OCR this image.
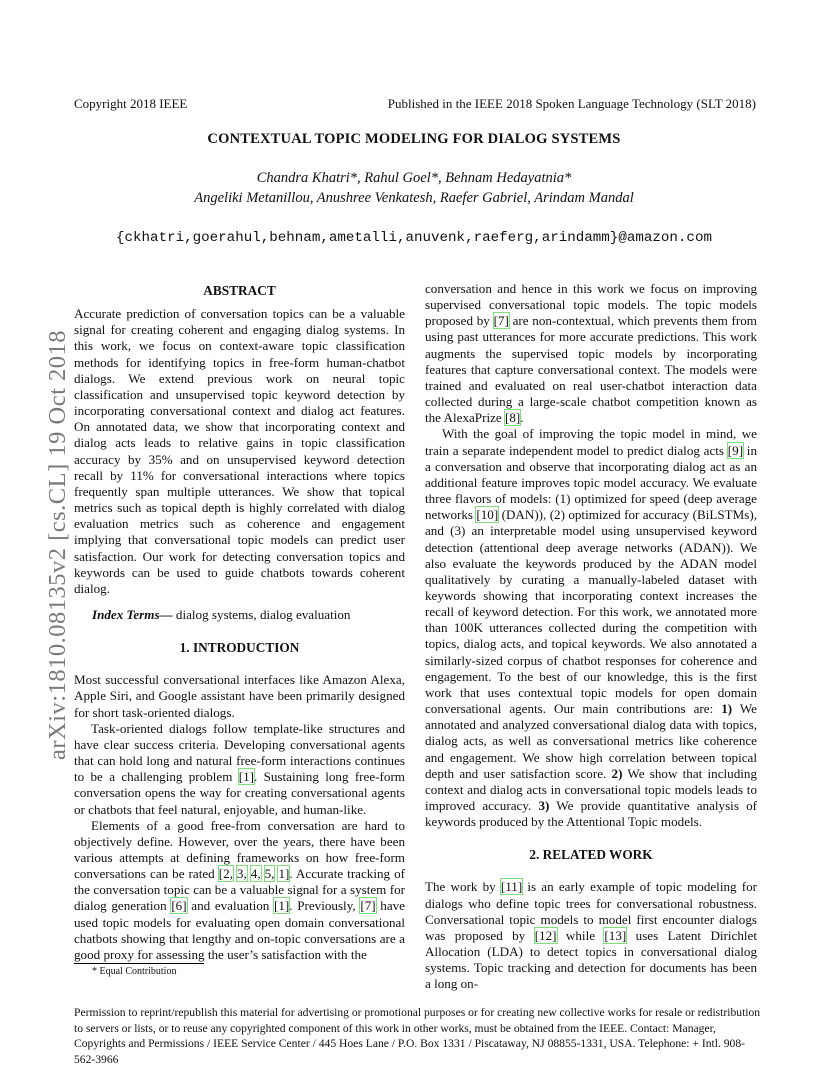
Copyright 2018 IEEE	Published in the IEEE 2018 Spoken Language Technology (SLT 2018)
CONTEXTUAL TOPIC MODELING FOR DIALOG SYSTEMS
Chandra Khatri*, Rahul Goel*, Behnam Hedayatnia*
Angeliki Metanillou, Anushree Venkatesh, Raefer Gabriel, Arindam Mandal
{ckhatri,goerahul,behnam,ametalli,anuvenk,raeferg,arindamm}@amazon.com
arXiv:1810.08135v2 [cs.CL] 19 Oct 2018
ABSTRACT

Accurate prediction of conversation topics can be a valuable signal for creating coherent and engaging dialog systems. In this work, we focus on context-aware topic classification methods for identifying topics in free-form human-chatbot dialogs. We extend previous work on neural topic classification and unsupervised topic keyword detection by incorporating conversational context and dialog act features. On annotated data, we show that incorporating context and dialog acts leads to relative gains in topic classification accuracy by 35% and on unsupervised keyword detection recall by 11% for conversational interactions where topics frequently span multiple utterances. We show that topical metrics such as topical depth is highly correlated with dialog evaluation metrics such as coherence and engagement implying that conversational topic models can predict user satisfaction. Our work for detecting conversation topics and keywords can be used to guide chatbots towards coherent dialog.

Index Terms— dialog systems, dialog evaluation
1. INTRODUCTION

Most successful conversational interfaces like Amazon Alexa, Apple Siri, and Google assistant have been primarily designed for short task-oriented dialogs.

Task-oriented dialogs follow template-like structures and have clear success criteria. Developing conversational agents that can hold long and natural free-form interactions continues to be a challenging problem [1]. Sustaining long free-form conversation opens the way for creating conversational agents or chatbots that feel natural, enjoyable, and human-like.

Elements of a good free-from conversation are hard to objectively define. However, over the years, there have been various attempts at defining frameworks on how free-form conversations can be rated [2, 3, 4, 5, 1]. Accurate tracking of the conversation topic can be a valuable signal for a system for dialog generation [6] and evaluation [1]. Previously, [7] have used topic models for evaluating open domain conversational chatbots showing that lengthy and on-topic conversations are a good proxy for assessing the user’s satisfaction with the

* Equal Contribution

conversation and hence in this work we focus on improving supervised conversational topic models. The topic models proposed by [7] are non-contextual, which prevents them from using past utterances for more accurate predictions. This work augments the supervised topic models by incorporating features that capture conversational context. The models were trained and evaluated on real user-chatbot interaction data collected during a large-scale chatbot competition known as the AlexaPrize [8].

With the goal of improving the topic model in mind, we train a separate independent model to predict dialog acts [9] in a conversation and observe that incorporating dialog act as an additional feature improves topic model accuracy. We evaluate three flavors of models: (1) optimized for speed (deep average networks [10] (DAN)), (2) optimized for accuracy (BiLSTMs), and (3) an interpretable model using unsupervised keyword detection (attentional deep average networks (ADAN)). We also evaluate the keywords produced by the ADAN model qualitatively by curating a manually-labeled dataset with keywords showing that incorporating context increases the recall of keyword detection. For this work, we annotated more than 100K utterances collected during the competition with topics, dialog acts, and topical keywords. We also annotated a similarly-sized corpus of chatbot responses for coherence and engagement. To the best of our knowledge, this is the first work that uses contextual topic models for open domain conversational agents. Our main contributions are: 1) We annotated and analyzed conversational dialog data with topics, dialog acts, as well as conversational metrics like coherence and engagement. We show high correlation between topical depth and user satisfaction score. 2) We show that including context and dialog acts in conversational topic models leads to improved accuracy. 3) We provide quantitative analysis of keywords produced by the Attentional Topic models.

2. RELATED WORK

The work by [11] is an early example of topic modeling for dialogs who define topic trees for conversational robustness. Conversational topic models to model first encounter dialogs was proposed by [12] while [13] uses Latent Dirichlet Allocation (LDA) to detect topics in conversational dialog systems. Topic tracking and detection for documents has been a long on-

Permission to reprint/republish this material for advertising or promotional purposes or for creating new collective works for resale or redistribution to servers or lists, or to reuse any copyrighted component of this work in other works, must be obtained from the IEEE. Contact: Manager, Copyrights and Permissions / IEEE Service Center / 445 Hoes Lane / P.O. Box 1331 / Piscataway, NJ 08855-1331, USA. Telephone: + Intl. 908-562-3966
